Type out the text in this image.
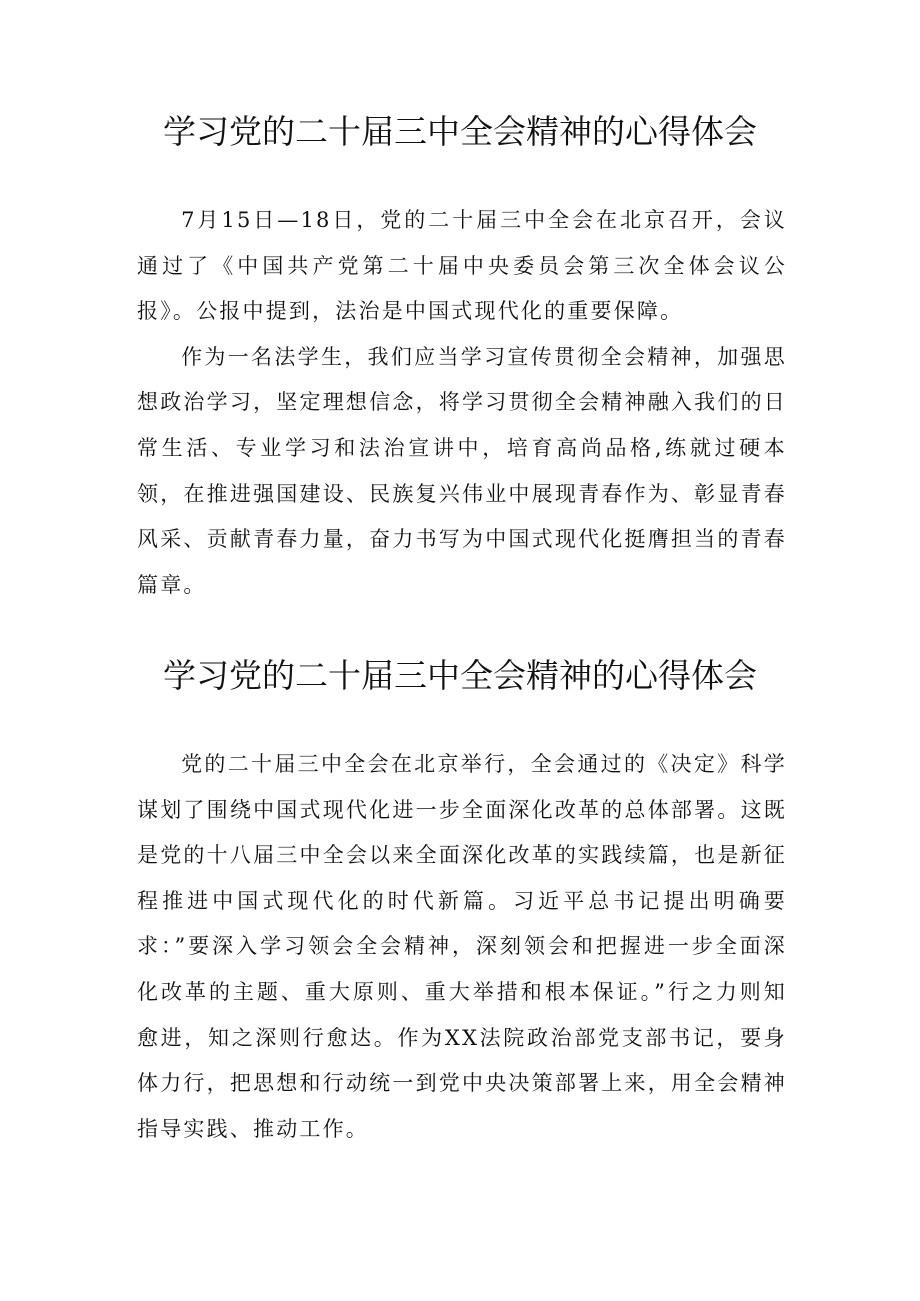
学习党的二十届三中全会精神的心得体会

7月15日—18日，党的二十届三中全会在北京召开，会议通过了《中国共产党第二十届中央委员会第三次全体会议公报》。公报中提到，法治是中国式现代化的重要保障。

作为一名法学生，我们应当学习宣传贯彻全会精神，加强思想政治学习，坚定理想信念，将学习贯彻全会精神融入我们的日常生活、专业学习和法治宣讲中，培育高尚品格,练就过硬本领，在推进强国建设、民族复兴伟业中展现青春作为、彰显青春风采、贡献青春力量，奋力书写为中国式现代化挺膺担当的青春篇章。

学习党的二十届三中全会精神的心得体会

党的二十届三中全会在北京举行，全会通过的《决定》科学谋划了围绕中国式现代化进一步全面深化改革的总体部署。这既是党的十八届三中全会以来全面深化改革的实践续篇，也是新征程推进中国式现代化的时代新篇。习近平总书记提出明确要求：”要深入学习领会全会精神，深刻领会和把握进一步全面深化改革的主题、重大原则、重大举措和根本保证。”行之力则知愈进，知之深则行愈达。作为XX法院政治部党支部书记，要身体力行，把思想和行动统一到党中央决策部署上来，用全会精神指导实践、推动工作。
